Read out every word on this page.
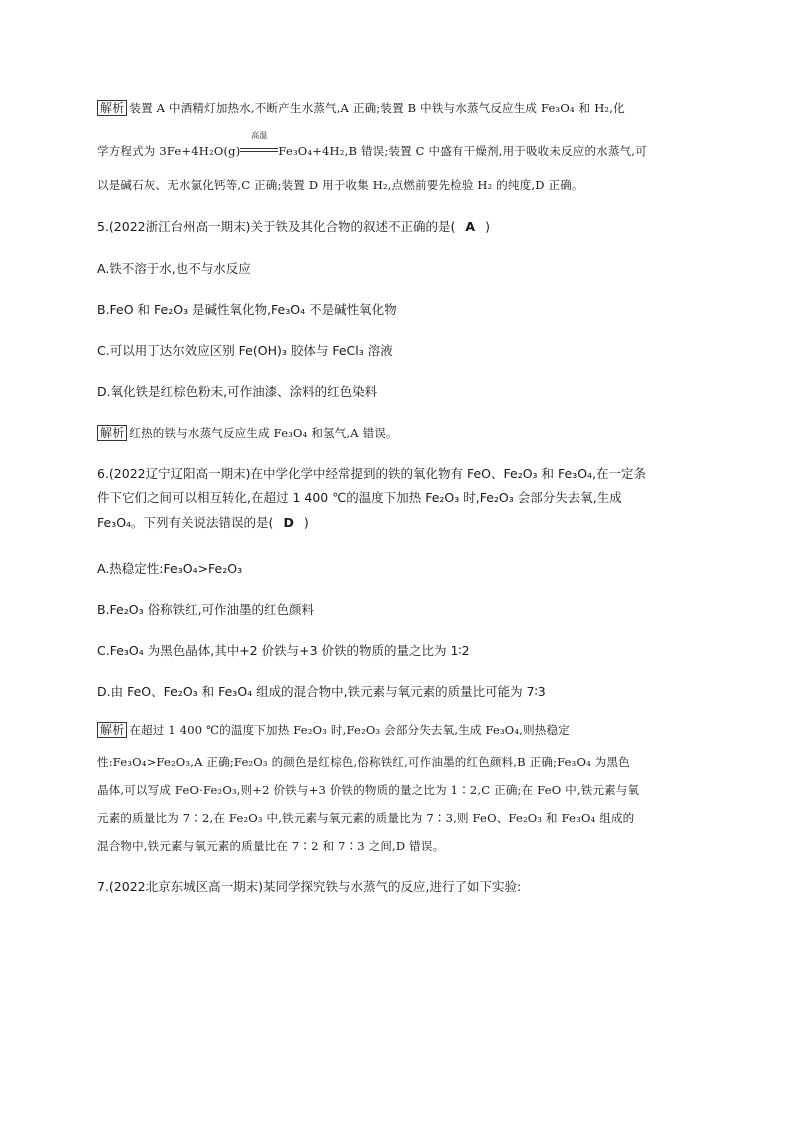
解析 装置 A 中酒精灯加热水,不断产生水蒸气,A 正确;装置 B 中铁与水蒸气反应生成 Fe₃O₄ 和 H₂,化
学方程式为 3Fe+4H₂O(g)
高温
Fe₃O₄+4H₂,B 错误;装置 C 中盛有干燥剂,用于吸收未反应的水蒸气,可
以是碱石灰、无水氯化钙等,C 正确;装置 D 用于收集 H₂,点燃前要先检验 H₂ 的纯度,D 正确。
5.(2022浙江台州高一期末)关于铁及其化合物的叙述不正确的是( A )
A.铁不溶于水,也不与水反应
B.FeO 和 Fe₂O₃ 是碱性氧化物,Fe₃O₄ 不是碱性氧化物
C.可以用丁达尔效应区别 Fe(OH)₃ 胶体与 FeCl₃ 溶液
D.氧化铁是红棕色粉末,可作油漆、涂料的红色染料
解析 红热的铁与水蒸气反应生成 Fe₃O₄ 和氢气,A 错误。
6.(2022辽宁辽阳高一期末)在中学化学中经常提到的铁的氧化物有 FeO、Fe₂O₃ 和 Fe₃O₄,在一定条
件下它们之间可以相互转化,在超过 1 400 ℃的温度下加热 Fe₂O₃ 时,Fe₂O₃ 会部分失去氧,生成
Fe₃O₄。下列有关说法错误的是( D )
A.热稳定性:Fe₃O₄>Fe₂O₃
B.Fe₂O₃ 俗称铁红,可作油墨的红色颜料
C.Fe₃O₄ 为黑色晶体,其中+2 价铁与+3 价铁的物质的量之比为 1∶2
D.由 FeO、Fe₂O₃ 和 Fe₃O₄ 组成的混合物中,铁元素与氧元素的质量比可能为 7∶3
解析 在超过 1 400 ℃的温度下加热 Fe₂O₃ 时,Fe₂O₃ 会部分失去氧,生成 Fe₃O₄,则热稳定
性:Fe₃O₄>Fe₂O₃,A 正确;Fe₂O₃ 的颜色是红棕色,俗称铁红,可作油墨的红色颜料,B 正确;Fe₃O₄ 为黑色
晶体,可以写成 FeO·Fe₂O₃,则+2 价铁与+3 价铁的物质的量之比为 1∶2,C 正确;在 FeO 中,铁元素与氧
元素的质量比为 7∶2,在 Fe₂O₃ 中,铁元素与氧元素的质量比为 7∶3,则 FeO、Fe₂O₃ 和 Fe₃O₄ 组成的
混合物中,铁元素与氧元素的质量比在 7∶2 和 7∶3 之间,D 错误。
7.(2022北京东城区高一期末)某同学探究铁与水蒸气的反应,进行了如下实验:
